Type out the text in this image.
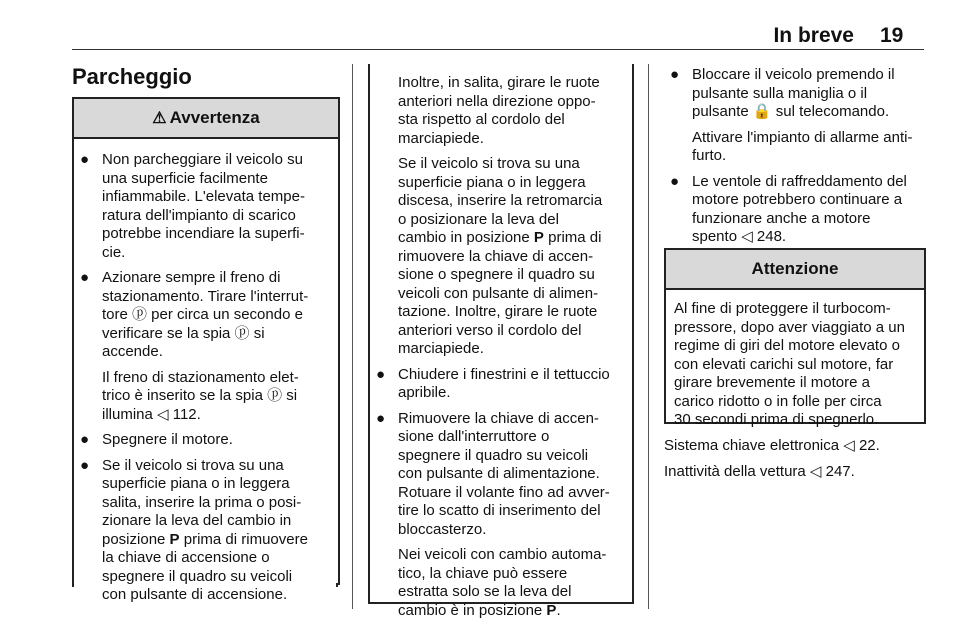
In breve 19
Parcheggio
⚠ Avvertenza
● Non parcheggiare il veicolo su
una superficie facilmente
infiammabile. L'elevata tempe-
ratura dell'impianto di scarico
potrebbe incendiare la superfi-
cie.
● Azionare sempre il freno di
stazionamento. Tirare l'interrut-
tore ⓟ per circa un secondo e
verificare se la spia ⓟ si
accende.
Il freno di stazionamento elet-
trico è inserito se la spia ⓟ si
illumina ◁ 112.
● Spegnere il motore.
● Se il veicolo si trova su una
superficie piana o in leggera
salita, inserire la prima o posi-
zionare la leva del cambio in
posizione P prima di rimuovere
la chiave di accensione o
spegnere il quadro su veicoli
con pulsante di accensione.
Inoltre, in salita, girare le ruote
anteriori nella direzione oppo-
sta rispetto al cordolo del
marciapiede.
Se il veicolo si trova su una
superficie piana o in leggera
discesa, inserire la retromarcia
o posizionare la leva del
cambio in posizione P prima di
rimuovere la chiave di accen-
sione o spegnere il quadro su
veicoli con pulsante di alimen-
tazione. Inoltre, girare le ruote
anteriori verso il cordolo del
marciapiede.
● Chiudere i finestrini e il tettuccio
apribile.
● Rimuovere la chiave di accen-
sione dall'interruttore o
spegnere il quadro su veicoli
con pulsante di alimentazione.
Rotuare il volante fino ad avver-
tire lo scatto di inserimento del
bloccasterzo.
Nei veicoli con cambio automa-
tico, la chiave può essere
estratta solo se la leva del
cambio è in posizione P.
● Bloccare il veicolo premendo il
pulsante sulla maniglia o il
pulsante 🔒 sul telecomando.
Attivare l'impianto di allarme anti-
furto.
● Le ventole di raffreddamento del
motore potrebbero continuare a
funzionare anche a motore
spento ◁ 248.
Attenzione
Al fine di proteggere il turbocom-
pressore, dopo aver viaggiato a un
regime di giri del motore elevato o
con elevati carichi sul motore, far
girare brevemente il motore a
carico ridotto o in folle per circa
30 secondi prima di spegnerlo.

Sistema chiave elettronica ◁ 22.

Inattività della vettura ◁ 247.
